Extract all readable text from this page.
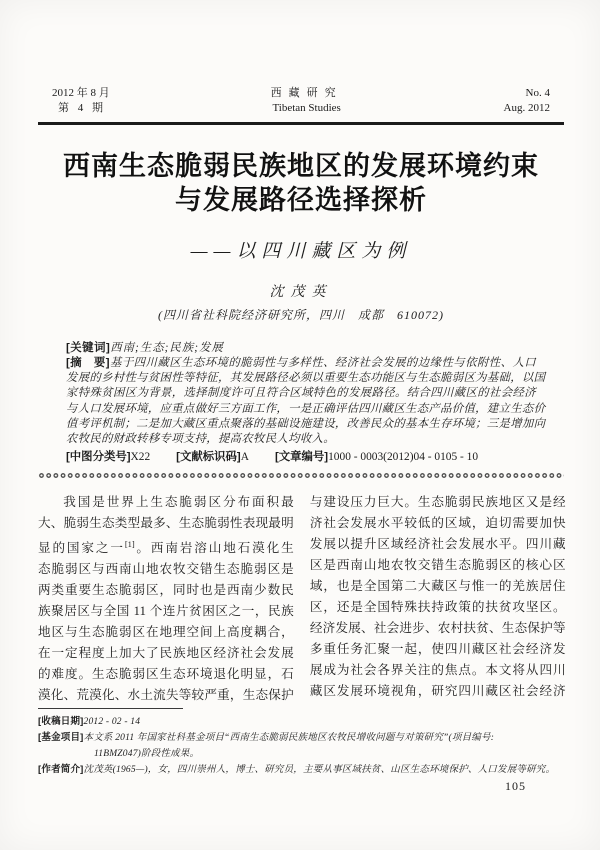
2012 年 8 月
第 4 期
西藏研究
Tibetan Studies
No. 4
Aug. 2012
西南生态脆弱民族地区的发展环境约束
与发展路径选择探析
——以四川藏区为例
沈茂英
(四川省社科院经济研究所，四川　成都　610072)
[关键词]西南;生态;民族;发展
[摘　要]基于四川藏区生态环境的脆弱性与多样性、经济社会发展的边缘性与依附性、人口
发展的乡村性与贫困性等特征，其发展路径必须以重要生态功能区与生态脆弱区为基础，以国
家特殊贫困区为背景，选择制度许可且符合区域特色的发展路径。结合四川藏区的社会经济
与人口发展环境，应重点做好三方面工作，一是正确评估四川藏区生态产品价值，建立生态价
值考评机制；二是加大藏区重点聚落的基础设施建设，改善民众的基本生存环境；三是增加向
农牧民的财政转移专项支持，提高农牧民人均收入。
[中图分类号]X22 [文献标识码]A [文章编号]1000 - 0003(2012)04 - 0105 - 10
我国是世界上生态脆弱区分布面积最
大、脆弱生态类型最多、生态脆弱性表现最明
显的国家之一[1]。西南岩溶山地石漠化生
态脆弱区与西南山地农牧交错生态脆弱区是
两类重要生态脆弱区，同时也是西南少数民
族聚居区与全国 11 个连片贫困区之一，民族
地区与生态脆弱区在地理空间上高度耦合，
在一定程度上加大了民族地区经济社会发展
的难度。生态脆弱区生态环境退化明显，石
漠化、荒漠化、水土流失等较严重，生态保护
与建设压力巨大。生态脆弱民族地区又是经
济社会发展水平较低的区域，迫切需要加快
发展以提升区域经济社会发展水平。四川藏
区是西南山地农牧交错生态脆弱区的核心区
域，也是全国第二大藏区与惟一的羌族居住
区，还是全国特殊扶持政策的扶贫攻坚区。
经济发展、社会进步、农村扶贫、生态保护等
多重任务汇聚一起，使四川藏区社会经济发
展成为社会各界关注的焦点。本文将从四川
藏区发展环境视角，研究四川藏区社会经济
[收稿日期]2012 - 02 - 14
[基金项目]本文系 2011 年国家社科基金项目“西南生态脆弱民族地区农牧民增收问题与对策研究”(项目编号:
11BMZ047)阶段性成果。
[作者简介]沈茂英(1965—)，女，四川崇州人，博士、研究员，主要从事区域扶贫、山区生态环境保护、人口发展等研究。
105
